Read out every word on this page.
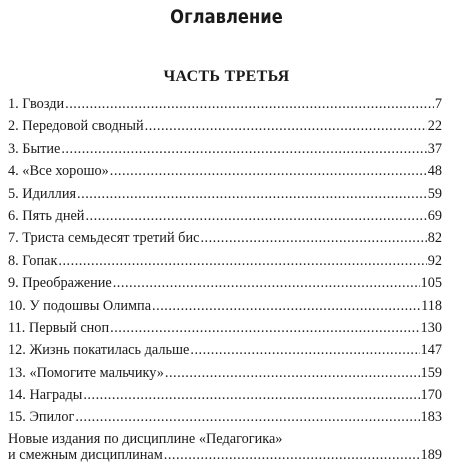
Оглавление
ЧАСТЬ ТРЕТЬЯ
1. Гвозди .....	7
2. Передовой сводный .....	22
3. Бытие .....	37
4. «Все хорошо» .....	48
5. Идиллия .....	59
6. Пять дней .....	69
7. Триста семьдесят третий бис .....	82
8. Гопак .....	92
9. Преображение .....	105
10. У подошвы Олимпа .....	118
11. Первый сноп .....	130
12. Жизнь покатилась дальше .....	147
13. «Помогите мальчику» .....	159
14. Награды .....	170
15. Эпилог .....	183
Новые издания по дисциплине «Педагогика»
и смежным дисциплинам .....	189
